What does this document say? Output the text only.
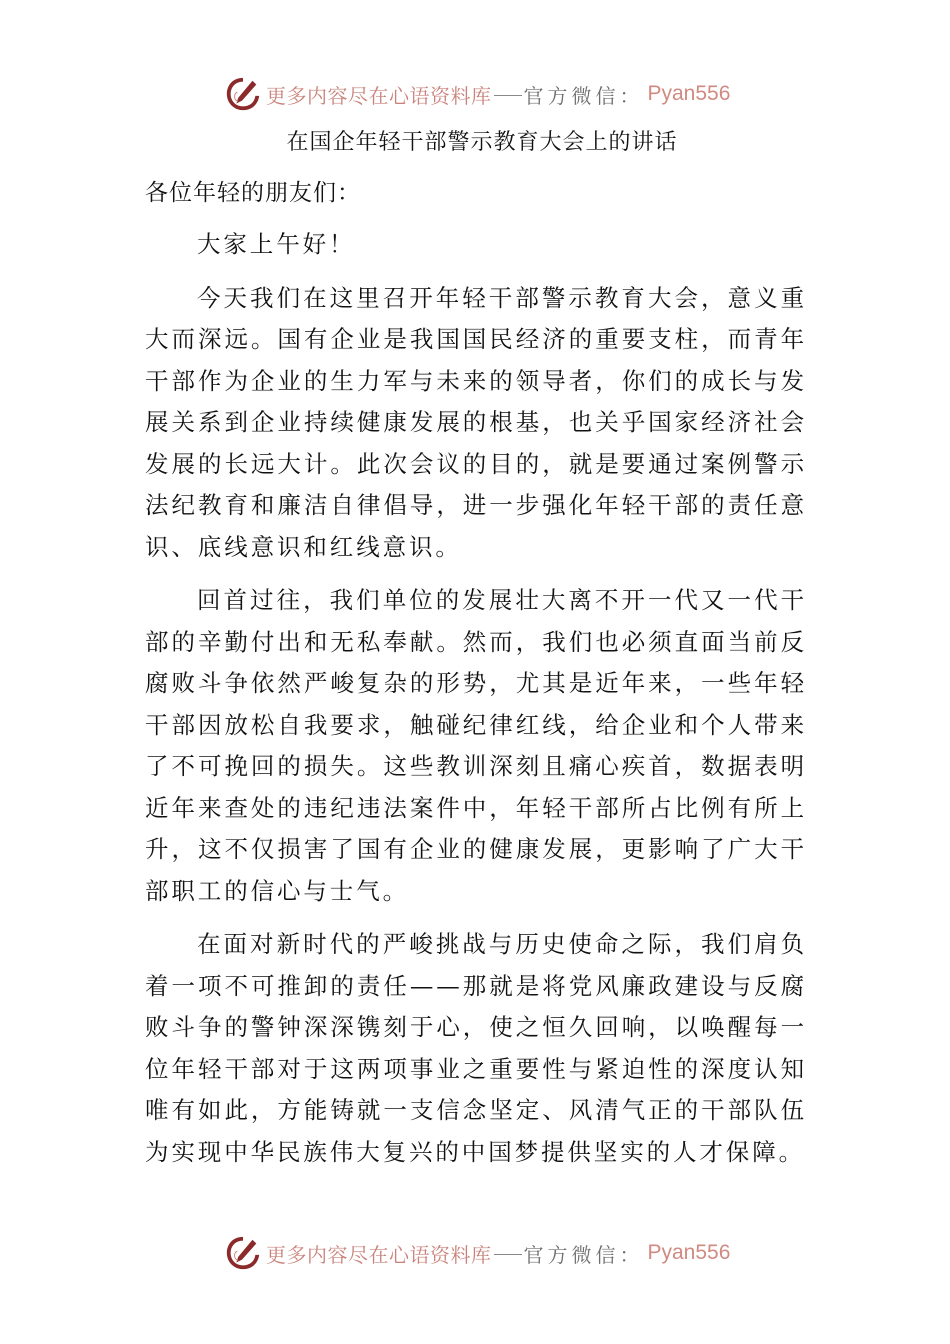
更多内容尽在心语资料库 官方微信： Pyan556
在国企年轻干部警示教育大会上的讲话
各位年轻的朋友们：

大家上午好！

今天我们在这里召开年轻干部警示教育大会，意义重大而深远。国有企业是我国国民经济的重要支柱，而青年干部作为企业的生力军与未来的领导者，你们的成长与发展关系到企业持续健康发展的根基，也关乎国家经济社会发展的长远大计。此次会议的目的，就是要通过案例警示法纪教育和廉洁自律倡导，进一步强化年轻干部的责任意识、底线意识和红线意识。

回首过往，我们单位的发展壮大离不开一代又一代干部的辛勤付出和无私奉献。然而，我们也必须直面当前反腐败斗争依然严峻复杂的形势，尤其是近年来，一些年轻干部因放松自我要求，触碰纪律红线，给企业和个人带来了不可挽回的损失。这些教训深刻且痛心疾首，数据表明近年来查处的违纪违法案件中，年轻干部所占比例有所上升，这不仅损害了国有企业的健康发展，更影响了广大干部职工的信心与士气。

在面对新时代的严峻挑战与历史使命之际，我们肩负着一项不可推卸的责任——那就是将党风廉政建设与反腐败斗争的警钟深深镌刻于心，使之恒久回响，以唤醒每一位年轻干部对于这两项事业之重要性与紧迫性的深度认知唯有如此，方能铸就一支信念坚定、风清气正的干部队伍为实现中华民族伟大复兴的中国梦提供坚实的人才保障。

更多内容尽在心语资料库 官方微信： Pyan556
